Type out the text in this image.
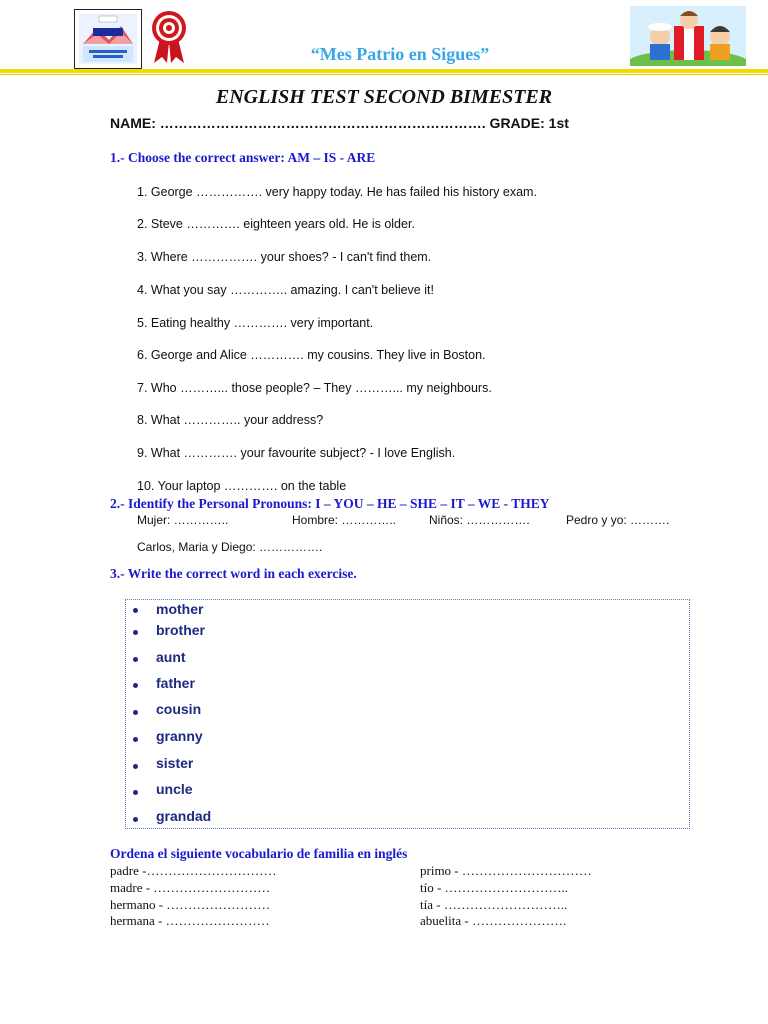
“Mes Patrio en Sigues”
ENGLISH TEST SECOND BIMESTER
NAME: ……………………………………………………………. GRADE: 1st
1.- Choose the correct answer: AM – IS - ARE
1. George ……………. very happy today. He has failed his history exam.
2. Steve …………. eighteen years old. He is older.
3. Where ……………. your shoes? - I can't find them.
4. What you say ………….. amazing. I can't believe it!
5. Eating healthy …………. very important.
6. George and Alice …………. my cousins. They live in Boston.
7. Who ………... those people? – They ………... my neighbours.
8. What ………….. your address?
9. What …………. your favourite subject? - I love English.
10. Your laptop …………. on the table
2.- Identify the Personal Pronouns: I – YOU – HE – SHE – IT – WE - THEY
Mujer: …………..	Hombre: …………..	Niños: …………….	Pedro y yo: ……….
Carlos, Maria y Diego: …………….
3.- Write the correct word in each exercise.
mother
brother
aunt
father
cousin
granny
sister
uncle
grandad
Ordena el siguiente vocabulario de familia en inglés
padre -…………………………
madre - ………………………
hermano - ……………………
hermana - ……………………
primo - …………………………
tío - ………………………..
tía - ………………………..
abuelita - ………………….
